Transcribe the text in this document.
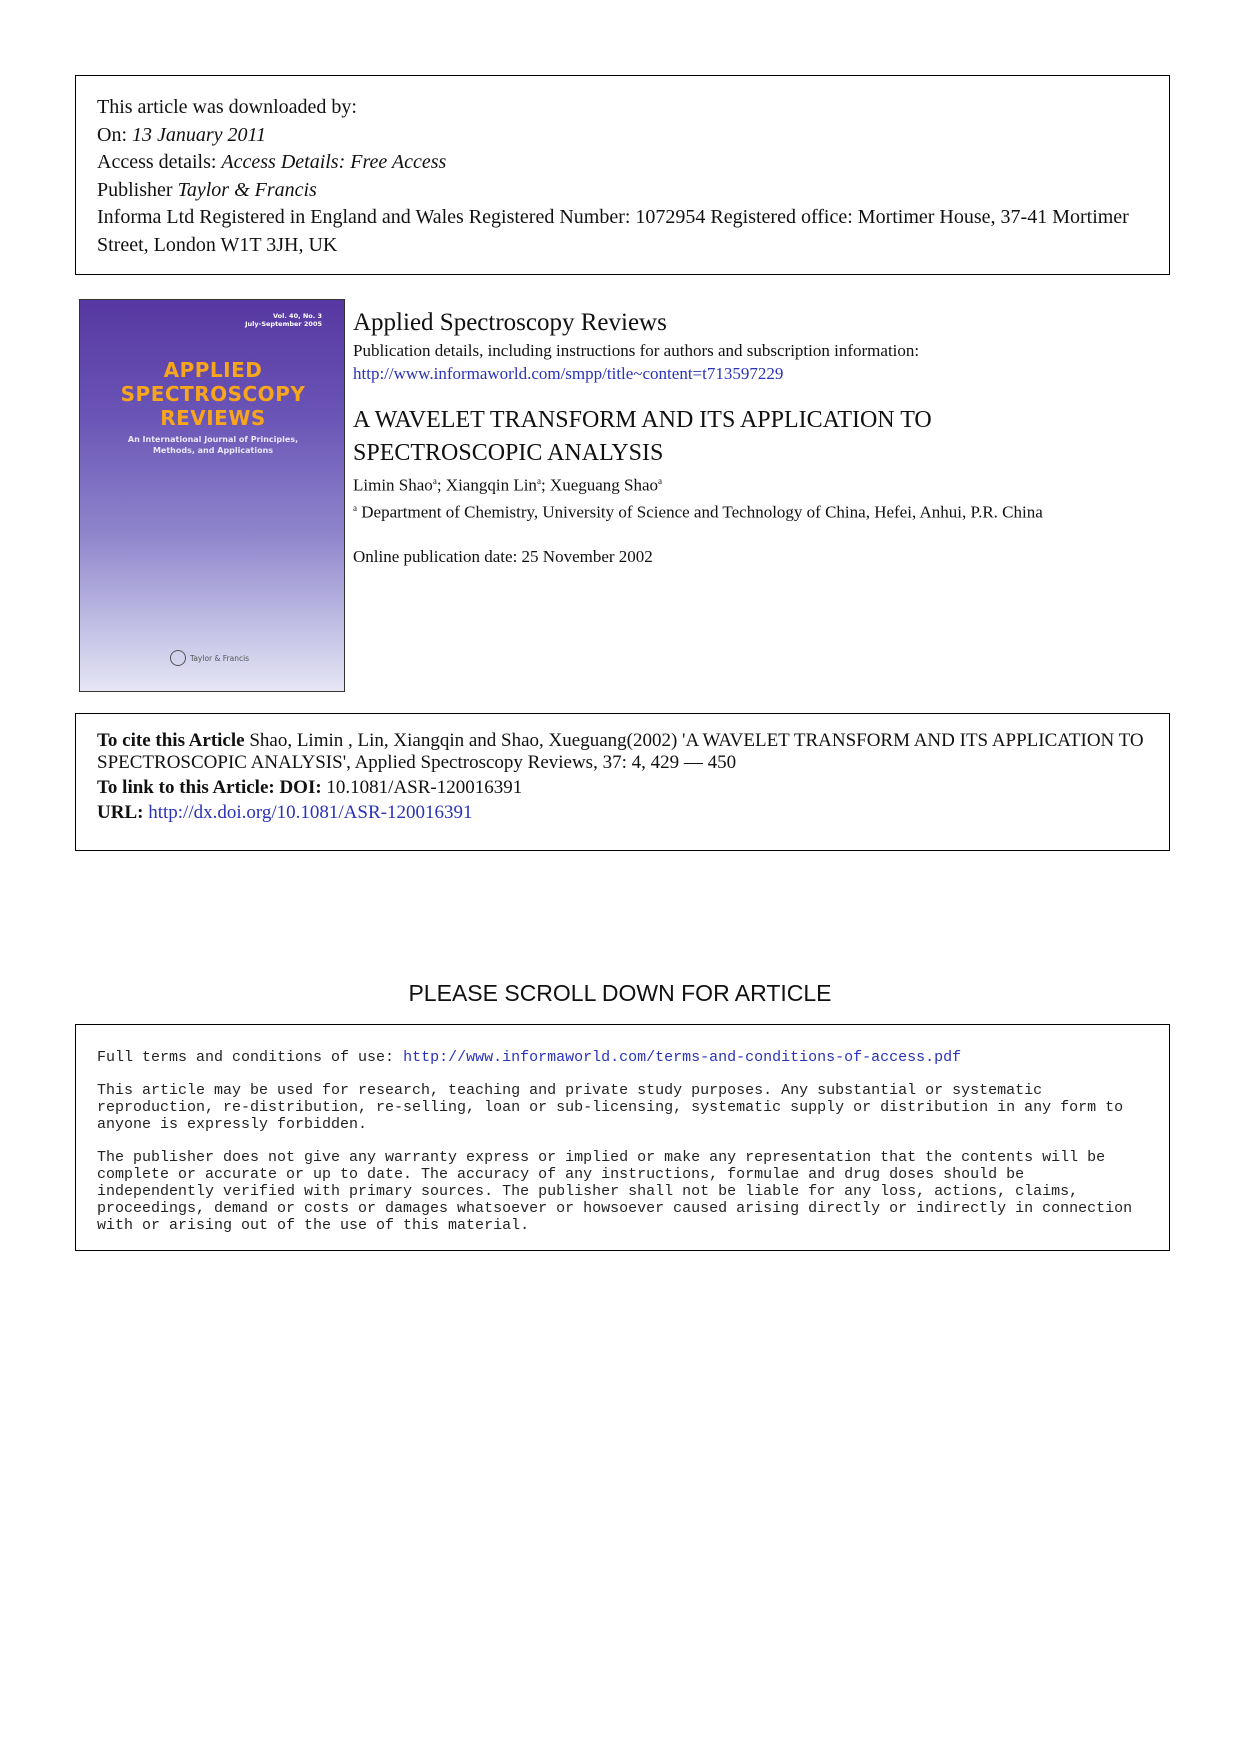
This article was downloaded by:
On: 13 January 2011
Access details: Access Details: Free Access
Publisher Taylor & Francis
Informa Ltd Registered in England and Wales Registered Number: 1072954 Registered office: Mortimer House, 37-41 Mortimer Street, London W1T 3JH, UK
Vol. 40, No. 3
July-September 2005
APPLIED
SPECTROSCOPY
REVIEWS
An International Journal of Principles, Methods, and Applications
Taylor & Francis
Applied Spectroscopy Reviews
Publication details, including instructions for authors and subscription information:
http://www.informaworld.com/smpp/title~content=t713597229
A WAVELET TRANSFORM AND ITS APPLICATION TO
SPECTROSCOPIC ANALYSIS
Limin Shao$^a$; Xiangqin Lin$^a$; Xueguang Shao$^a$
$^a$ Department of Chemistry, University of Science and Technology of China, Hefei, Anhui, P.R. China
Online publication date: 25 November 2002
To cite this Article Shao, Limin , Lin, Xiangqin and Shao, Xueguang(2002) 'A WAVELET TRANSFORM AND ITS APPLICATION TO SPECTROSCOPIC ANALYSIS', Applied Spectroscopy Reviews, 37: 4, 429 — 450
To link to this Article: DOI: 10.1081/ASR-120016391
URL: http://dx.doi.org/10.1081/ASR-120016391
PLEASE SCROLL DOWN FOR ARTICLE

Full terms and conditions of use: http://www.informaworld.com/terms-and-conditions-of-access.pdf

This article may be used for research, teaching and private study purposes. Any substantial or systematic reproduction, re-distribution, re-selling, loan or sub-licensing, systematic supply or distribution in any form to anyone is expressly forbidden.

The publisher does not give any warranty express or implied or make any representation that the contents will be complete or accurate or up to date. The accuracy of any instructions, formulae and drug doses should be independently verified with primary sources. The publisher shall not be liable for any loss, actions, claims, proceedings, demand or costs or damages whatsoever or howsoever caused arising directly or indirectly in connection with or arising out of the use of this material.
